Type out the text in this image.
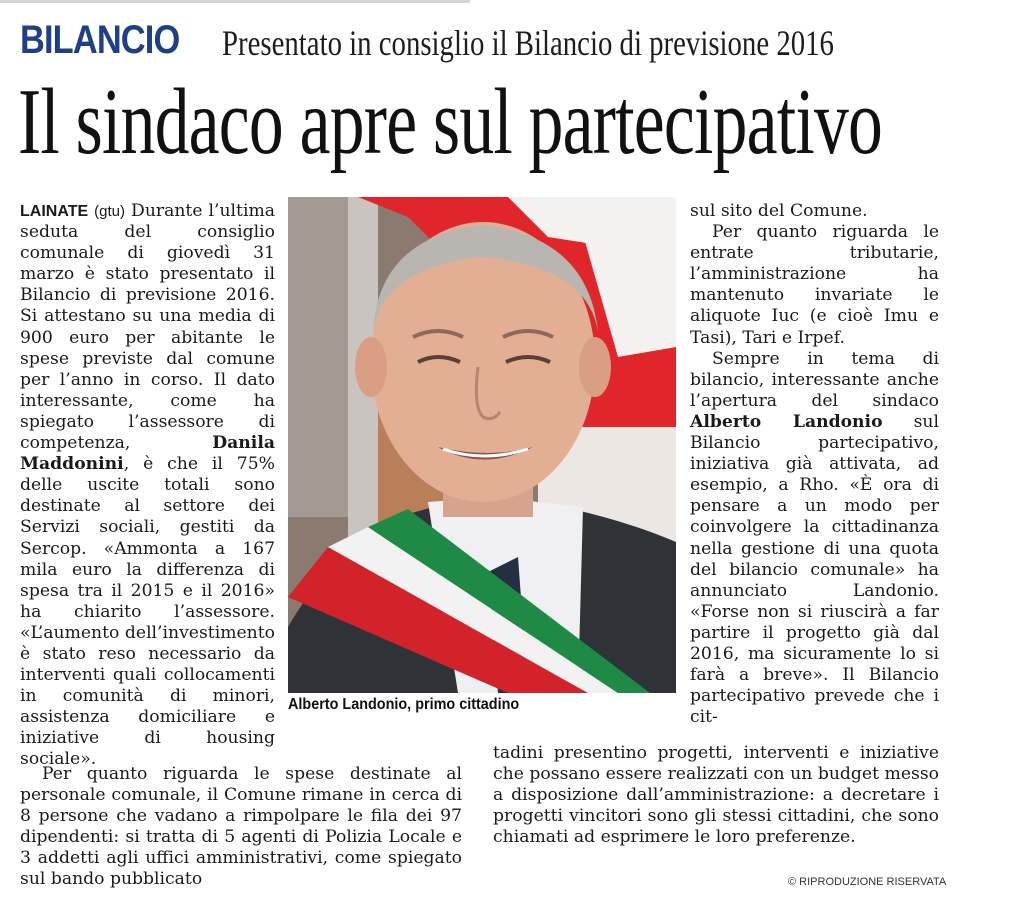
BILANCIO Presentato in consiglio il Bilancio di previsione 2016
Il sindaco apre sul partecipativo

LAINATE (gtu) Durante l’ultima seduta del consiglio comunale di giovedì 31 marzo è stato presentato il Bilancio di previsione 2016. Si attestano su una media di 900 euro per abitante le spese previste dal comune per l’anno in corso. Il dato interessante, come ha spiegato l’assessore di competenza, Danila Maddonini, è che il 75% delle uscite totali sono destinate al settore dei Servizi sociali, gestiti da Sercop. «Ammonta a 167 mila euro la differenza di spesa tra il 2015 e il 2016» ha chiarito l’assessore. «L’aumento dell’investimento è stato reso necessario da interventi quali collocamenti in comunità di minori, assistenza domiciliare e iniziative di housing sociale».

Alberto Landonio, primo cittadino

sul sito del Comune.

Per quanto riguarda le entrate tributarie, l’amministrazione ha mantenuto invariate le aliquote Iuc (e cioè Imu e Tasi), Tari e Irpef.

Sempre in tema di bilancio, interessante anche l’apertura del sindaco Alberto Landonio sul Bilancio partecipativo, iniziativa già attivata, ad esempio, a Rho. «È ora di pensare a un modo per coinvolgere la cittadinanza nella gestione di una quota del bilancio comunale» ha annunciato Landonio. «Forse non si riuscirà a far partire il progetto già dal 2016, ma sicuramente lo si farà a breve». Il Bilancio partecipativo prevede che i cit-

Per quanto riguarda le spese destinate al personale comunale, il Comune rimane in cerca di 8 persone che vadano a rimpolpare le fila dei 97 dipendenti: si tratta di 5 agenti di Polizia Locale e 3 addetti agli uffici amministrativi, come spiegato sul bando pubblicato

tadini presentino progetti, interventi e iniziative che possano essere realizzati con un budget messo a disposizione dall’amministrazione: a decretare i progetti vincitori sono gli stessi cittadini, che sono chiamati ad esprimere le loro preferenze.

© RIPRODUZIONE RISERVATA
